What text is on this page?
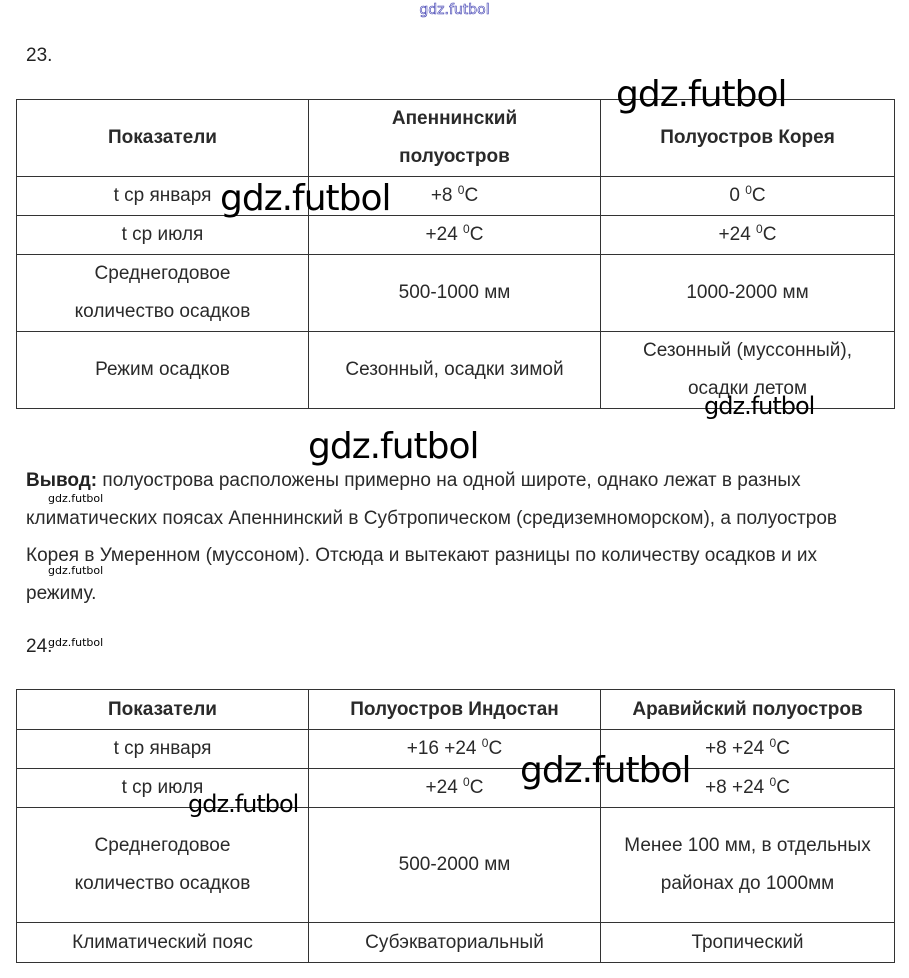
gdz.futbol
23.
Показатели	Апеннинский полуостров	Полуостров Корея
t ср января	+8 $^0$C	0 $^0$C
t ср июля	+24 $^0$C	+24 $^0$C
Среднегодовое количество осадков	500-1000 мм	1000-2000 мм
Режим осадков	Сезонный, осадки зимой	Сезонный (муссонный), осадки летом
Вывод: полуострова расположены примерно на одной широте, однако лежат в разных климатических поясах Апеннинский в Субтропическом (средиземноморском), а полуостров Корея в Умеренном (муссоном). Отсюда и вытекают разницы по количеству осадков и их режиму.
24.
Показатели	Полуостров Индостан	Аравийский полуостров
t ср января	+16 +24 $^0$C	+8 +24 $^0$C
t ср июля	+24 $^0$C	+8 +24 $^0$C
Среднегодовое количество осадков	500-2000 мм	Менее 100 мм, в отдельных районах до 1000мм
Климатический пояс	Субэкваториальный	Тропический
gdz.futbol
gdz.futbol
gdz.futbol
gdz.futbol
gdz.futbol
gdz.futbol
gdz.futbol
gdz.futbol
gdz.futbol
